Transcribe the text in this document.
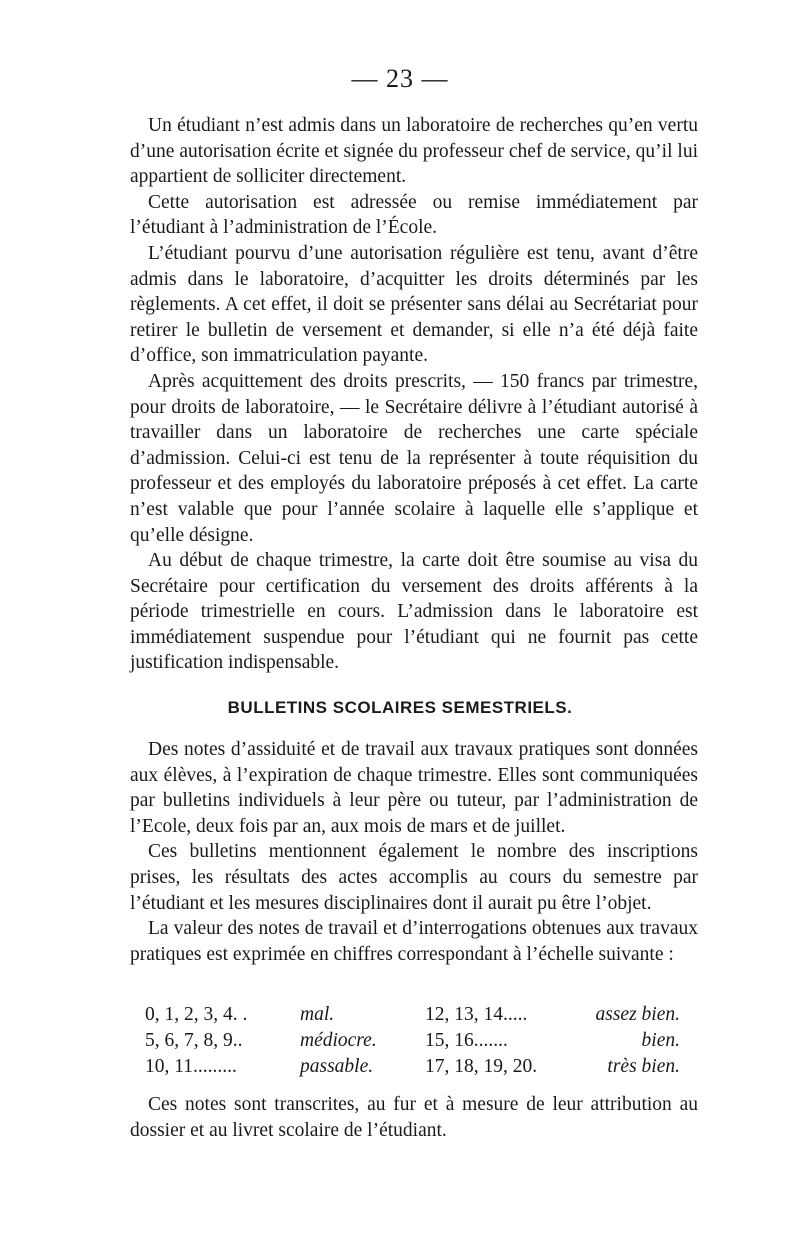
— 23 —

Un étudiant n’est admis dans un laboratoire de recherches qu’en vertu d’une autorisation écrite et signée du professeur chef de service, qu’il lui appartient de solliciter directement.

Cette autorisation est adressée ou remise immédiatement par l’étudiant à l’administration de l’École.

L’étudiant pourvu d’une autorisation régulière est tenu, avant d’être admis dans le laboratoire, d’acquitter les droits déterminés par les règlements. A cet effet, il doit se présenter sans délai au Secrétariat pour retirer le bulletin de versement et demander, si elle n’a été déjà faite d’office, son immatriculation payante.

Après acquittement des droits prescrits, — 150 francs par trimestre, pour droits de laboratoire, — le Secrétaire délivre à l’étudiant autorisé à travailler dans un laboratoire de recherches une carte spéciale d’admission. Celui-ci est tenu de la représenter à toute réquisition du professeur et des employés du laboratoire préposés à cet effet. La carte n’est valable que pour l’année scolaire à laquelle elle s’applique et qu’elle désigne.

Au début de chaque trimestre, la carte doit être soumise au visa du Secrétaire pour certification du versement des droits afférents à la période trimestrielle en cours. L’admission dans le laboratoire est immédiatement suspendue pour l’étudiant qui ne fournit pas cette justification indispensable.

BULLETINS SCOLAIRES SEMESTRIELS.

Des notes d’assiduité et de travail aux travaux pratiques sont données aux élèves, à l’expiration de chaque trimestre. Elles sont communiquées par bulletins individuels à leur père ou tuteur, par l’administration de l’Ecole, deux fois par an, aux mois de mars et de juillet.

Ces bulletins mentionnent également le nombre des inscriptions prises, les résultats des actes accomplis au cours du semestre par l’étudiant et les mesures disciplinaires dont il aurait pu être l’objet.

La valeur des notes de travail et d’interrogations obtenues aux travaux pratiques est exprimée en chiffres correspondant à l’échelle suivante :

0, 1, 2, 3, 4. .	mal.	12, 13, 14.....	assez bien.
5, 6, 7, 8, 9..	médiocre.	15, 16.......	bien.
10, 11.........	passable.	17, 18, 19, 20.	très bien.

Ces notes sont transcrites, au fur et à mesure de leur attribution au dossier et au livret scolaire de l’étudiant.
